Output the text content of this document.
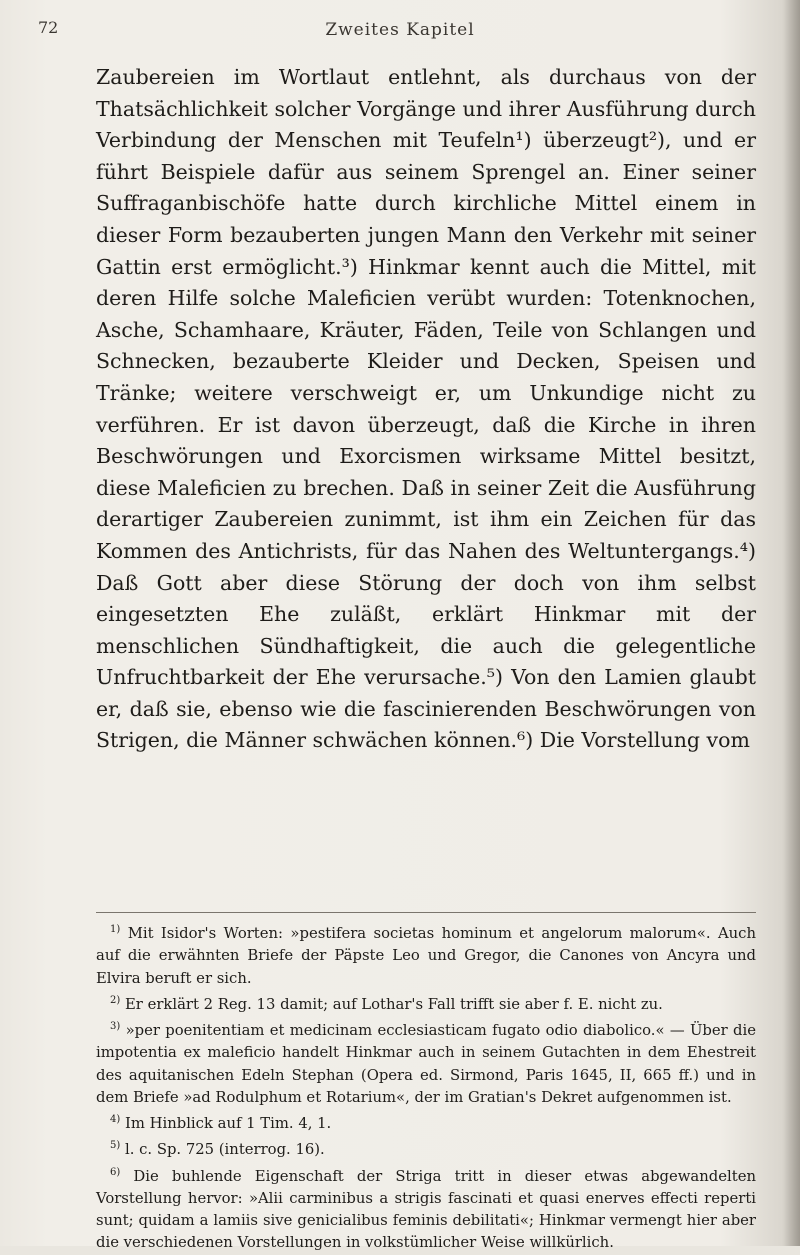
72	Zweites Kapitel

Zaubereien im Wortlaut entlehnt, als durchaus von der Thatsächlichkeit solcher Vorgänge und ihrer Ausführung durch Verbindung der Menschen mit Teufeln¹) überzeugt²), und er führt Beispiele dafür aus seinem Sprengel an. Einer seiner Suffraganbischöfe hatte durch kirchliche Mittel einem in dieser Form bezauberten jungen Mann den Verkehr mit seiner Gattin erst ermöglicht.³) Hinkmar kennt auch die Mittel, mit deren Hilfe solche Maleficien verübt wurden: Totenknochen, Asche, Schamhaare, Kräuter, Fäden, Teile von Schlangen und Schnecken, bezauberte Kleider und Decken, Speisen und Tränke; weitere verschweigt er, um Unkundige nicht zu verführen. Er ist davon überzeugt, daß die Kirche in ihren Beschwörungen und Exorcismen wirksame Mittel besitzt, diese Maleficien zu brechen. Daß in seiner Zeit die Ausführung derartiger Zaubereien zunimmt, ist ihm ein Zeichen für das Kommen des Antichrists, für das Nahen des Weltuntergangs.⁴) Daß Gott aber diese Störung der doch von ihm selbst eingesetzten Ehe zuläßt, erklärt Hinkmar mit der menschlichen Sündhaftigkeit, die auch die gelegentliche Unfruchtbarkeit der Ehe verursache.⁵) Von den Lamien glaubt er, daß sie, ebenso wie die fascinierenden Beschwörungen von Strigen, die Männer schwächen können.⁶) Die Vorstellung vom

$^{1)}$ Mit Isidor's Worten: »pestifera societas hominum et angelorum malorum«. Auch auf die erwähnten Briefe der Päpste Leo und Gregor, die Canones von Ancyra und Elvira beruft er sich.

$^{2)}$ Er erklärt 2 Reg. 13 damit; auf Lothar's Fall trifft sie aber f. E. nicht zu.

$^{3)}$ »per poenitentiam et medicinam ecclesiasticam fugato odio diabolico.« — Über die impotentia ex maleficio handelt Hinkmar auch in seinem Gutachten in dem Ehestreit des aquitanischen Edeln Stephan (Opera ed. Sirmond, Paris 1645, II, 665 ff.) und in dem Briefe »ad Rodulphum et Rotarium«, der im Gratian's Dekret aufgenommen ist.

$^{4)}$ Im Hinblick auf 1 Tim. 4, 1.

$^{5)}$ l. c. Sp. 725 (interrog. 16).

$^{6)}$ Die buhlende Eigenschaft der Striga tritt in dieser etwas abgewandelten Vorstellung hervor: »Alii carminibus a strigis fascinati et quasi enerves effecti reperti sunt; quidam a lamiis sive genicialibus feminis debilitati«; Hinkmar vermengt hier aber die verschiedenen Vorstellungen in volkstümlicher Weise willkürlich.
